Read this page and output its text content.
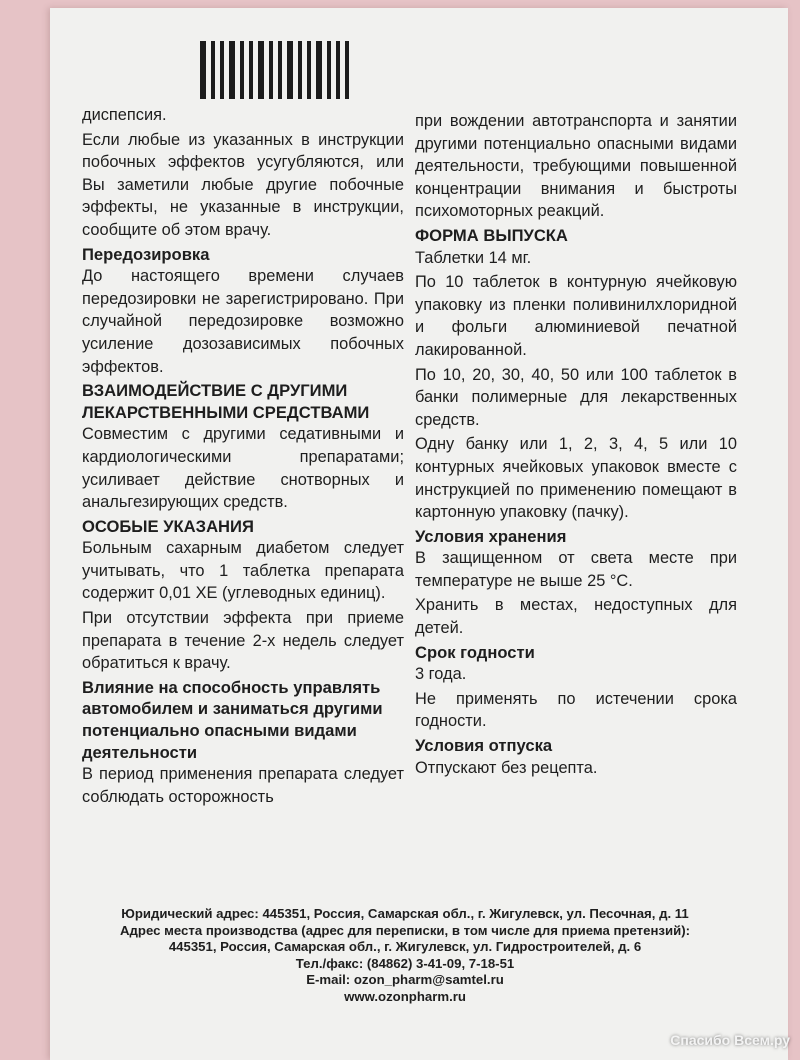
диспепсия.

Если любые из указанных в инструкции побочных эффектов усугубляются, или Вы заметили любые другие побочные эффекты, не указанные в инструкции, сообщите об этом врачу.

Передозировка

До настоящего времени случаев передозировки не зарегистрировано. При случайной передозировке возможно усиление дозозависимых побочных эффектов.

ВЗАИМОДЕЙСТВИЕ С ДРУГИМИ ЛЕКАРСТВЕННЫМИ СРЕДСТВАМИ

Совместим с другими седативными и кардиологическими препаратами; усиливает действие снотворных и анальгезирующих средств.

ОСОБЫЕ УКАЗАНИЯ

Больным сахарным диабетом следует учитывать, что 1 таблетка препарата содержит 0,01 ХЕ (углеводных единиц).

При отсутствии эффекта при приеме препарата в течение 2-х недель следует обратиться к врачу.

Влияние на способность управлять автомобилем и заниматься другими потенциально опасными видами деятельности

В период применения препарата следует соблюдать осторожность

при вождении автотранспорта и занятии другими потенциально опасными видами деятельности, требующими повышенной концентрации внимания и быстроты психомоторных реакций.

ФОРМА ВЫПУСКА

Таблетки 14 мг.

По 10 таблеток в контурную ячейковую упаковку из пленки поливинилхлоридной и фольги алюминиевой печатной лакированной.

По 10, 20, 30, 40, 50 или 100 таблеток в банки полимерные для лекарственных средств.

Одну банку или 1, 2, 3, 4, 5 или 10 контурных ячейковых упаковок вместе с инструкцией по применению помещают в картонную упаковку (пачку).

Условия хранения

В защищенном от света месте при температуре не выше 25 °С.

Хранить в местах, недоступных для детей.

Срок годности

3 года.

Не применять по истечении срока годности.

Условия отпуска

Отпускают без рецепта.

Юридический адрес: 445351, Россия, Самарская обл., г. Жигулевск, ул. Песочная, д. 11
Адрес места производства (адрес для переписки, в том числе для приема претензий):
445351, Россия, Самарская обл., г. Жигулевск, ул. Гидростроителей, д. 6
Тел./факс: (84862) 3-41-09, 7-18-51
E-mail: ozon_pharm@samtel.ru
www.ozonpharm.ru
Спасибо Всем.ру
